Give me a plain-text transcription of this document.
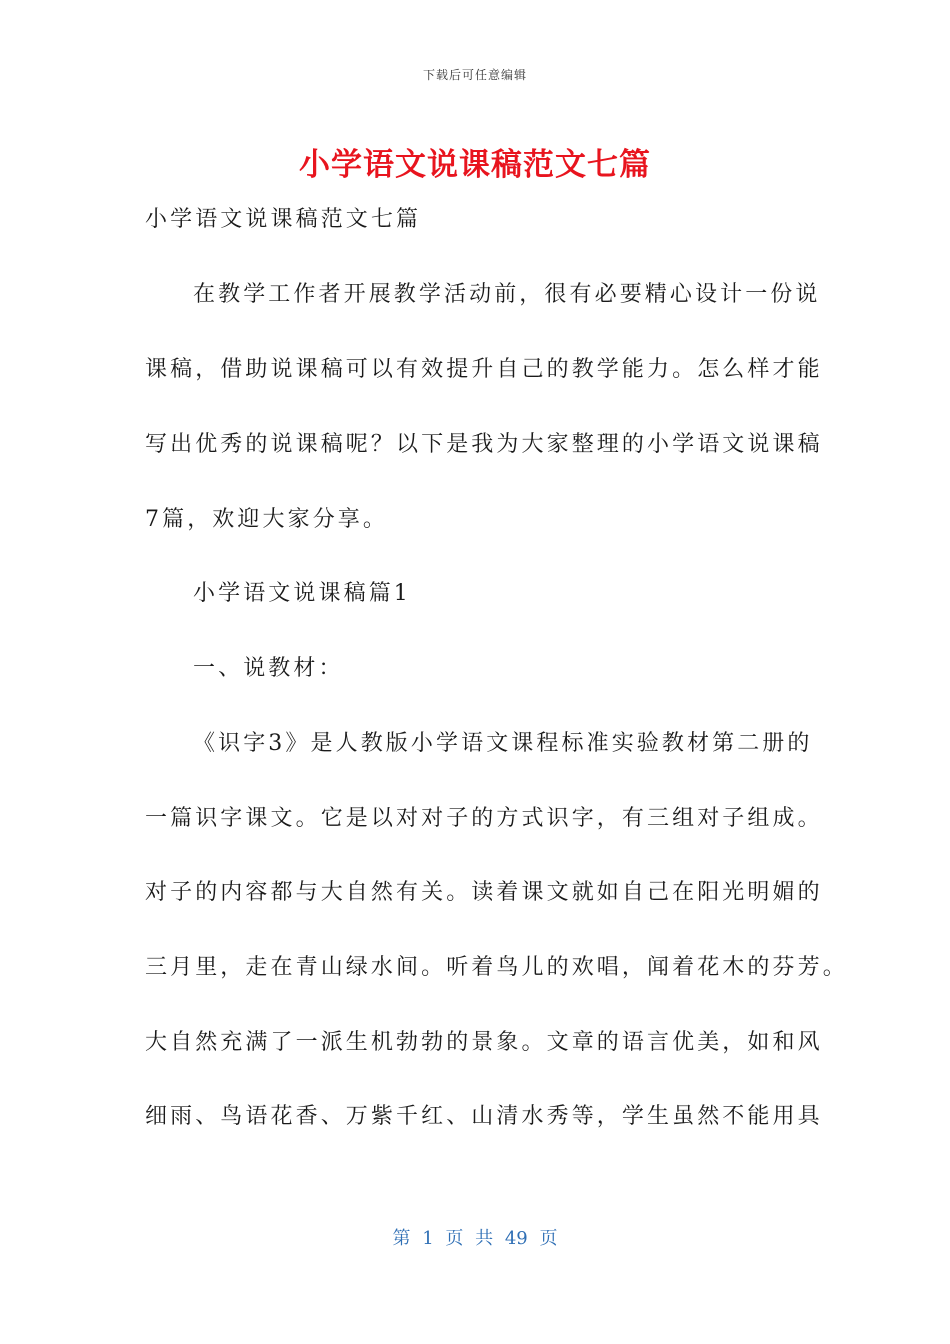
下载后可任意编辑
小学语文说课稿范文七篇
小学语文说课稿范文七篇
在教学工作者开展教学活动前，很有必要精心设计一份说
课稿，借助说课稿可以有效提升自己的教学能力。怎么样才能
写出优秀的说课稿呢？以下是我为大家整理的小学语文说课稿
7篇，欢迎大家分享。
小学语文说课稿篇1
一、说教材：
《识字3》是人教版小学语文课程标准实验教材第二册的
一篇识字课文。它是以对对子的方式识字，有三组对子组成。
对子的内容都与大自然有关。读着课文就如自己在阳光明媚的
三月里，走在青山绿水间。听着鸟儿的欢唱，闻着花木的芬芳。
大自然充满了一派生机勃勃的景象。文章的语言优美，如和风
细雨、鸟语花香、万紫千红、山清水秀等，学生虽然不能用具
第 1 页 共 49 页
